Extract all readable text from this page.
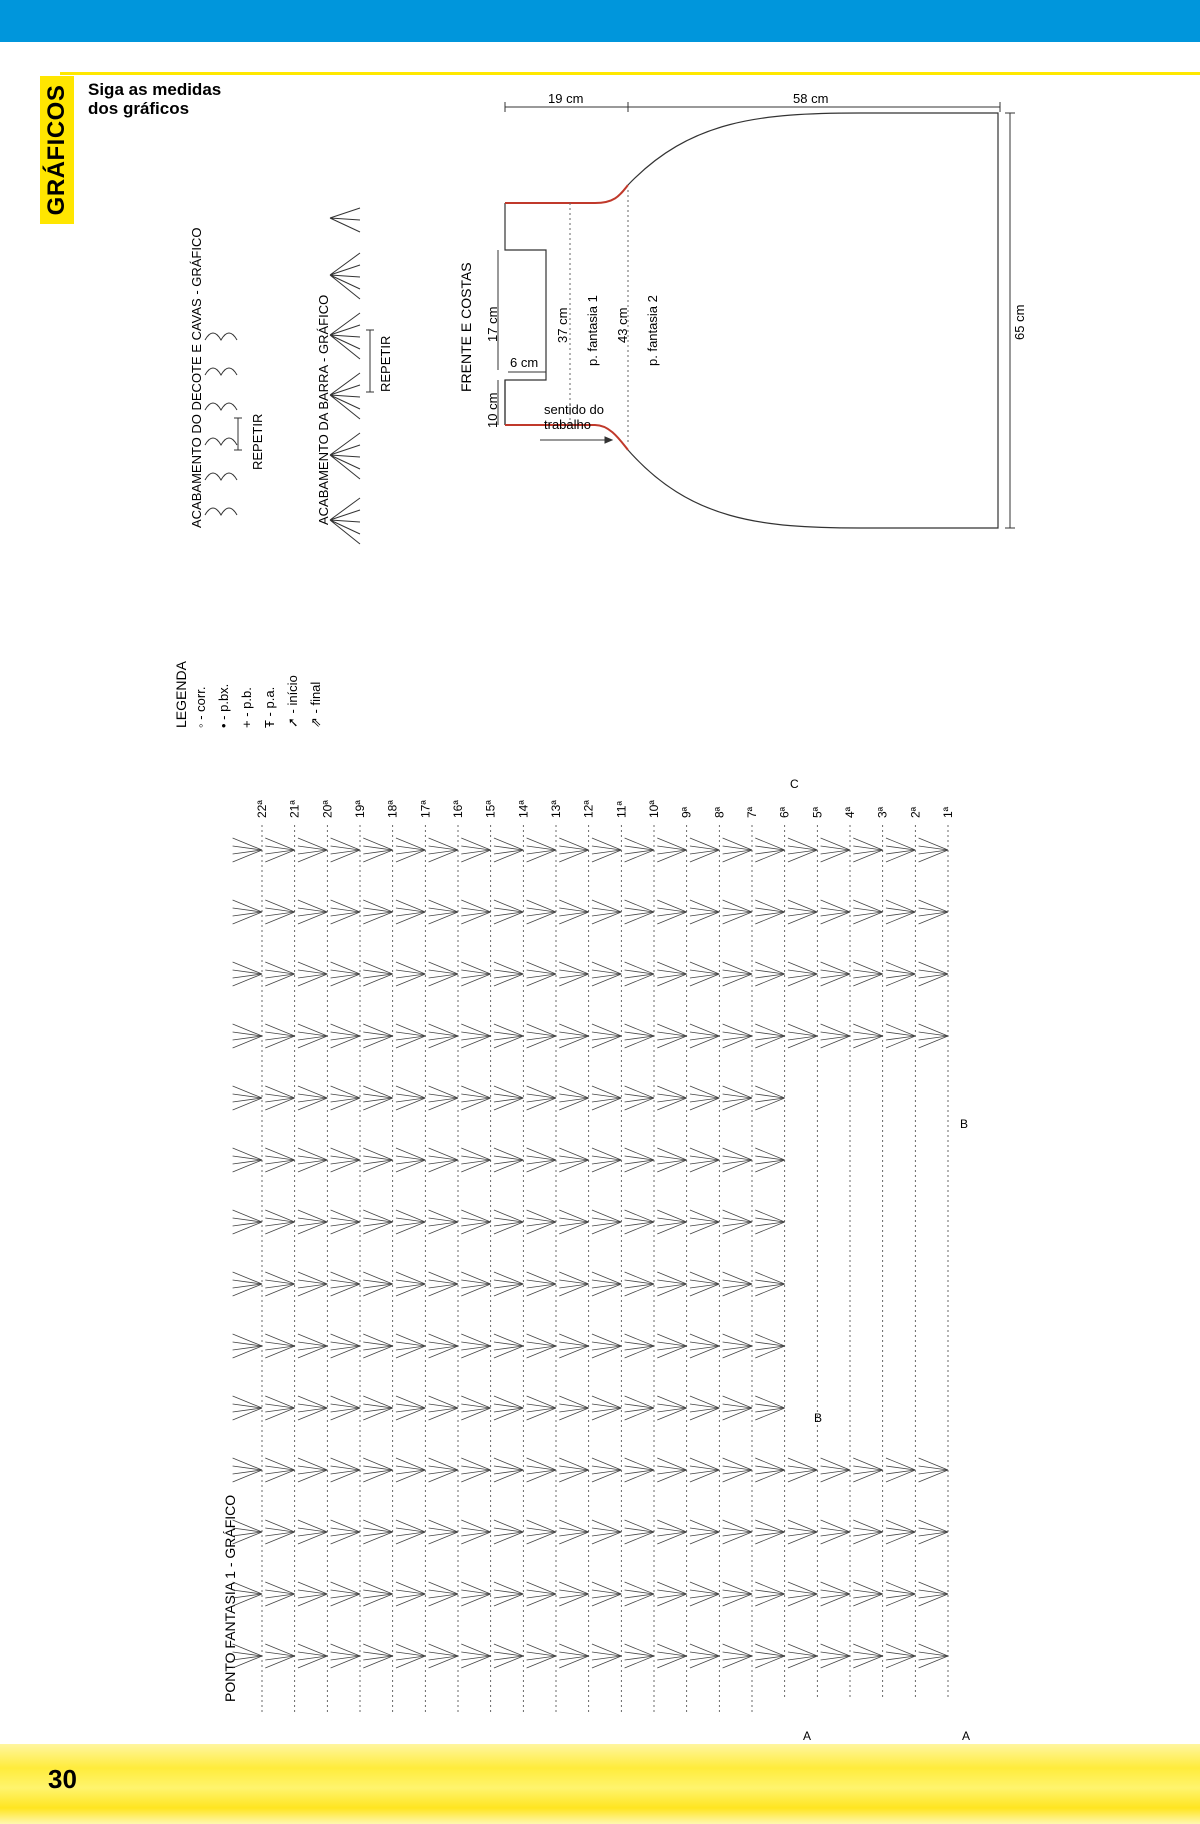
GRÁFICOS Siga as medidas
dos gráficos
ACABAMENTO DO DECOTE E CAVAS - GRÁFICO	REPETIR	ACABAMENTO DA BARRA - GRÁFICO	REPETIR	FRENTE E COSTAS
19 cm	58 cm
65 cm
37 cm	43 cm
17 cm
10 cm
6 cm	p. fantasia 1	p. fantasia 2
sentido do
trabalho
LEGENDA ◦ - corr.
• - p.bx.
+ - p.b.
Ŧ - p.a.
➚ - início
⇗ - final
PONTO FANTASIA 1 - GRÁFICO
1ª
2ª
3ª
4ª
5ª
6ª
7ª
8ª
9ª
10ª
11ª
12ª
13ª
14ª
15ª
16ª
17ª
18ª
19ª
20ª
21ª
22ª
A
A
B
B
C
30
